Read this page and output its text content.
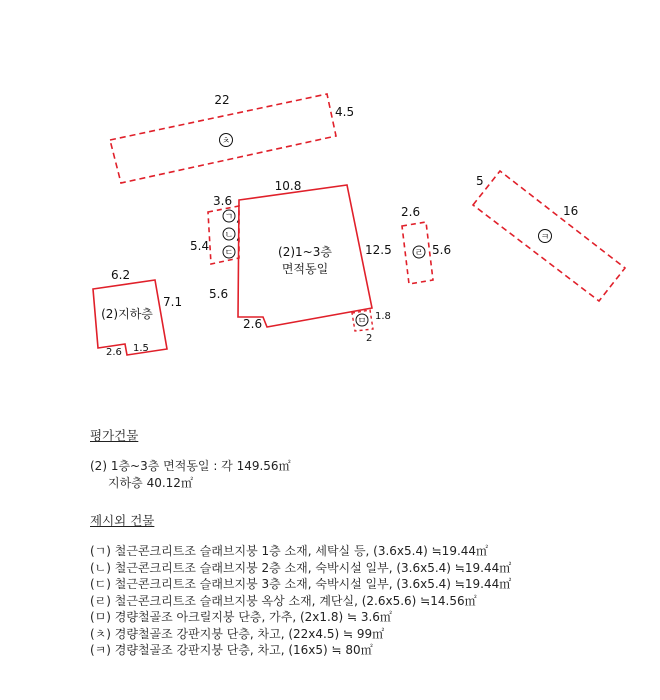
22
4.5
ㅊ
10.8
12.5
5.6
2.6
(2)1~3층
면적동일
3.6
5.4
ㄱ ,
ㄴ ,
ㄷ
2.6
5.6
ㄹ
ㅁ 1.8
2
5
16
ㅋ
6.2
7.1
(2)지하층
2.6 1.5
평가건물
(2) 1층~3층 면적동일 : 각 149.56㎡
지하층 40.12㎡
제시외 건물
(ㄱ) 철근콘크리트조 슬래브지붕 1층 소재, 세탁실 등, (3.6x5.4) ≒19.44㎡
(ㄴ) 철근콘크리트조 슬래브지붕 2층 소재, 숙박시설 일부, (3.6x5.4) ≒19.44㎡
(ㄷ) 철근콘크리트조 슬래브지붕 3층 소재, 숙박시설 일부, (3.6x5.4) ≒19.44㎡
(ㄹ) 철근콘크리트조 슬래브지붕 옥상 소재, 계단실, (2.6x5.6) ≒14.56㎡
(ㅁ) 경량철골조 아크릴지붕 단층, 가추, (2x1.8) ≒ 3.6㎡
(ㅊ) 경량철골조 강판지붕 단층, 차고, (22x4.5) ≒ 99㎡
(ㅋ) 경량철골조 강판지붕 단층, 차고, (16x5) ≒ 80㎡
